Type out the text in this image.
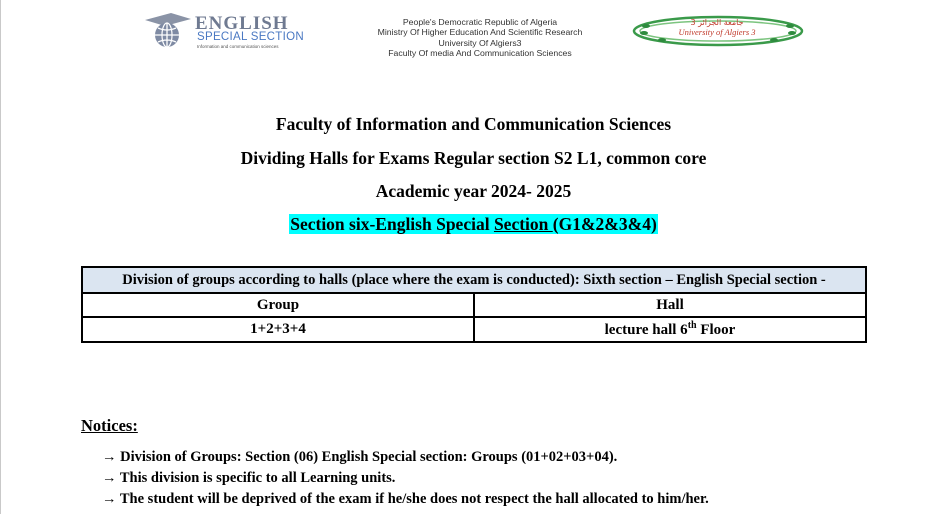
ENGLISH
SPECIAL SECTION
Information and communication sciences
People's Democratic Republic of Algeria
Ministry Of Higher Education And Scientific Research
University Of Algiers3
Faculty Of media And Communication Sciences
جامعة الجزائر 3
University of Algiers 3
Faculty of Information and Communication Sciences
Dividing Halls for Exams Regular section S2 L1, common core
Academic year 2024- 2025
Section six-English Special Section (G1&2&3&4)
Division of groups according to halls (place where the exam is conducted): Sixth section – English Special section -	
Group	Hall
1+2+3+4	lecture hall 6th Floor
Notices:
→ Division of Groups: Section (06) English Special section: Groups (01+02+03+04).
→ This division is specific to all Learning units.
→ The student will be deprived of the exam if he/she does not respect the hall allocated to him/her.
